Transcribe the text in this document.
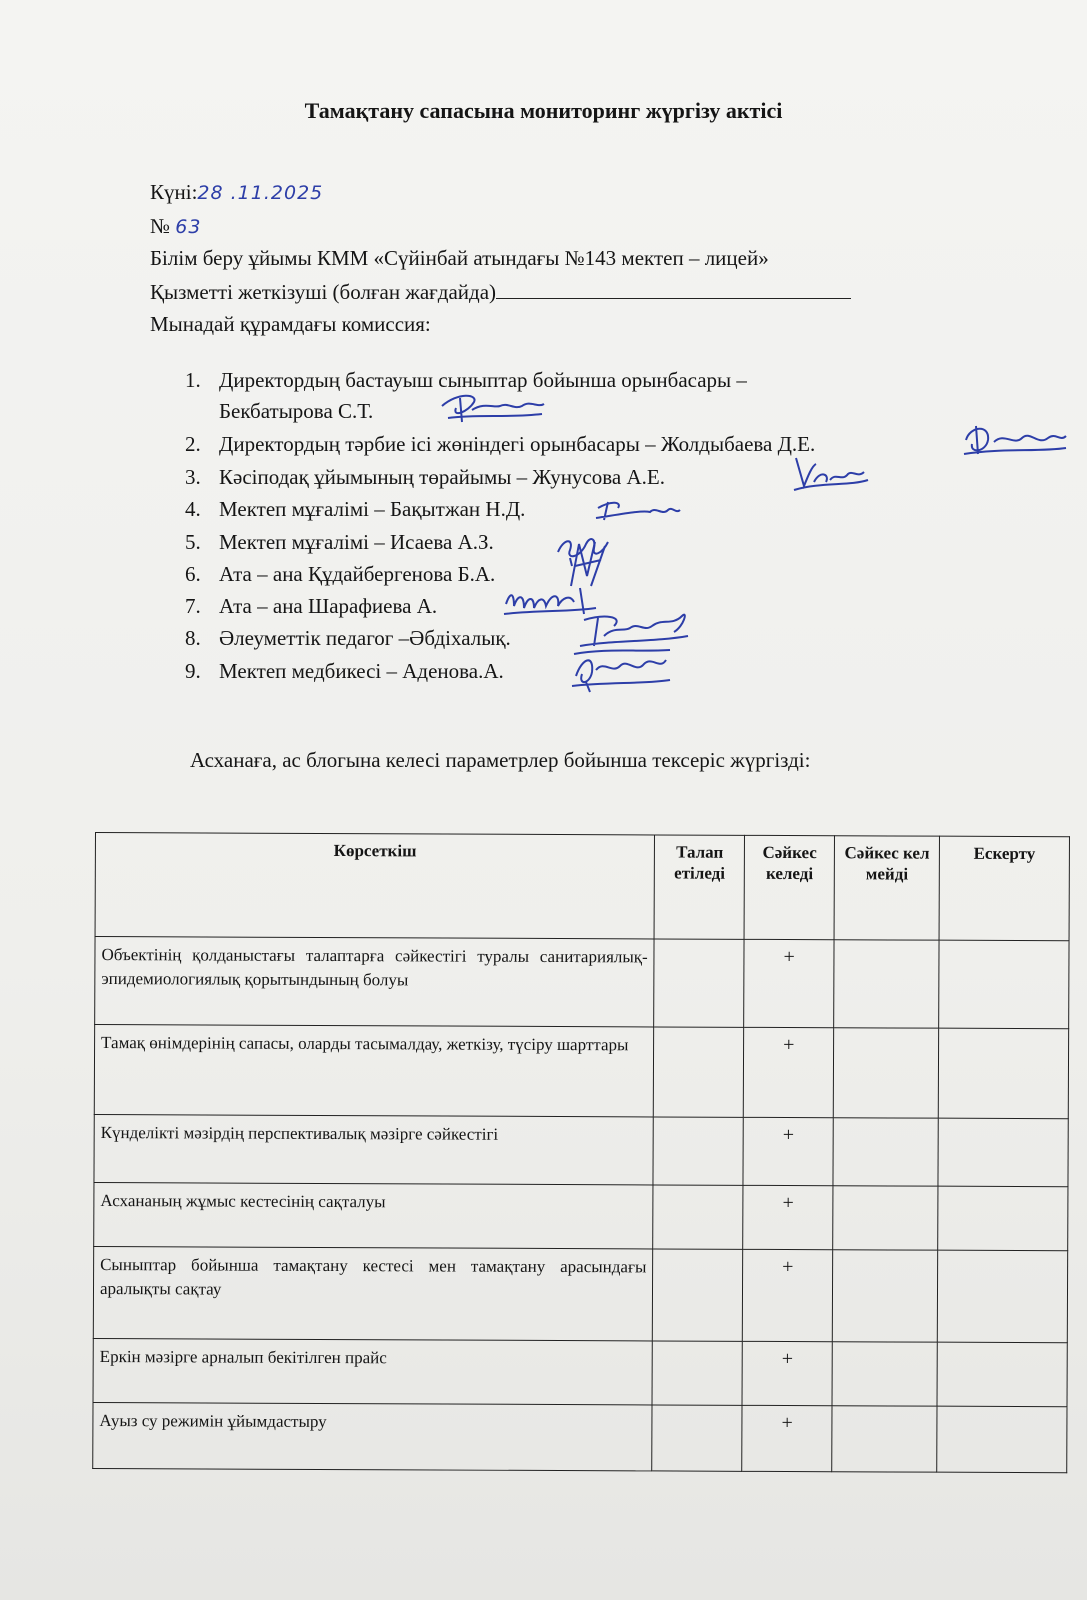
Тамақтану сапасына мониторинг жүргізу актісі
Күні:28 .11.2025
№ 63
Білім беру ұйымы КММ «Сүйінбай атындағы №143 мектеп – лицей»
Қызметті жеткізуші (болған жағдайда)
Мынадай құрамдағы комиссия:
1. Директордың бастауыш сыныптар бойынша орынбасары –
Бекбатырова С.Т.
2. Директордың тәрбие ісі жөніндегі орынбасары – Жолдыбаева Д.Е.
3. Кәсіподақ ұйымының төрайымы – Жунусова А.Е.
4. Мектеп мұғалімі – Бақытжан Н.Д.
5. Мектеп мұғалімі – Исаева А.З.
6. Ата – ана Құдайбергенова Б.А.
7. Ата – ана Шарафиева А.
8. Әлеуметтік педагог –Әбдіхалық.
9. Мектеп медбикесі – Аденова.А.
Асханаға, ас блогына келесі параметрлер бойынша тексеріс жүргізді:
Көрсеткіш	Талап етіледі	Сәйкес келеді	Сәйкес келмейді	Ескерту
Объектінің қолданыстағы талаптарға сәйкестігі туралы санитариялық-эпидемиологиялық қорытындының болуы		+		
Тамақ өнімдерінің сапасы, оларды тасымалдау, жеткізу, түсіру шарттары		+		
Күнделікті мәзірдің перспективалық мәзірге сәйкестігі		+		
Асхананың жұмыс кестесінің сақталуы		+		
Сыныптар бойынша тамақтану кестесі мен тамақтану арасындағы аралықты сақтау		+		
Еркін мәзірге арналып бекітілген прайс		+		
Ауыз су режимін ұйымдастыру		+		
